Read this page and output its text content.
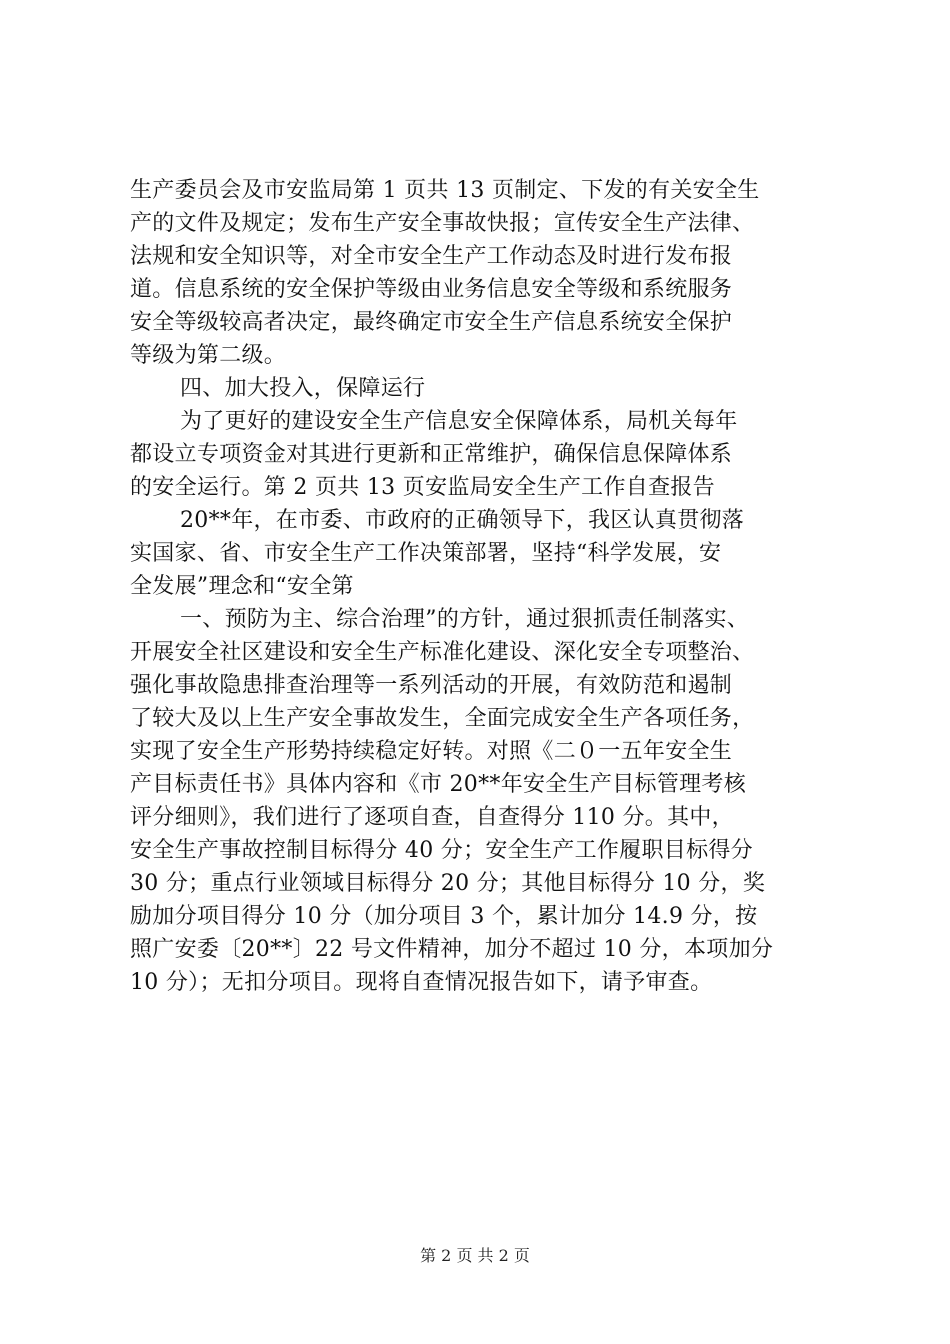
生产委员会及市安监局第 1 页共 13 页制定、下发的有关安全生
产的文件及规定；发布生产安全事故快报；宣传安全生产法律、
法规和安全知识等，对全市安全生产工作动态及时进行发布报
道。信息系统的安全保护等级由业务信息安全等级和系统服务
安全等级较高者决定，最终确定市安全生产信息系统安全保护
等级为第二级。
四、加大投入，保障运行
为了更好的建设安全生产信息安全保障体系，局机关每年
都设立专项资金对其进行更新和正常维护，确保信息保障体系
的安全运行。第 2 页共 13 页安监局安全生产工作自查报告
20**年，在市委、市政府的正确领导下，我区认真贯彻落
实国家、省、市安全生产工作决策部署，坚持“科学发展，安
全发展”理念和“安全第
一、预防为主、综合治理”的方针，通过狠抓责任制落实、
开展安全社区建设和安全生产标准化建设、深化安全专项整治、
强化事故隐患排查治理等一系列活动的开展，有效防范和遏制
了较大及以上生产安全事故发生，全面完成安全生产各项任务，
实现了安全生产形势持续稳定好转。对照《二０一五年安全生
产目标责任书》具体内容和《市 20**年安全生产目标管理考核
评分细则》，我们进行了逐项自查，自查得分 110 分。其中，
安全生产事故控制目标得分 40 分；安全生产工作履职目标得分
30 分；重点行业领域目标得分 20 分；其他目标得分 10 分，奖
励加分项目得分 10 分（加分项目 3 个，累计加分 14.9 分，按
照广安委〔20**〕22 号文件精神，加分不超过 10 分，本项加分
10 分）；无扣分项目。现将自查情况报告如下，请予审查。
第 2 页 共 2 页
